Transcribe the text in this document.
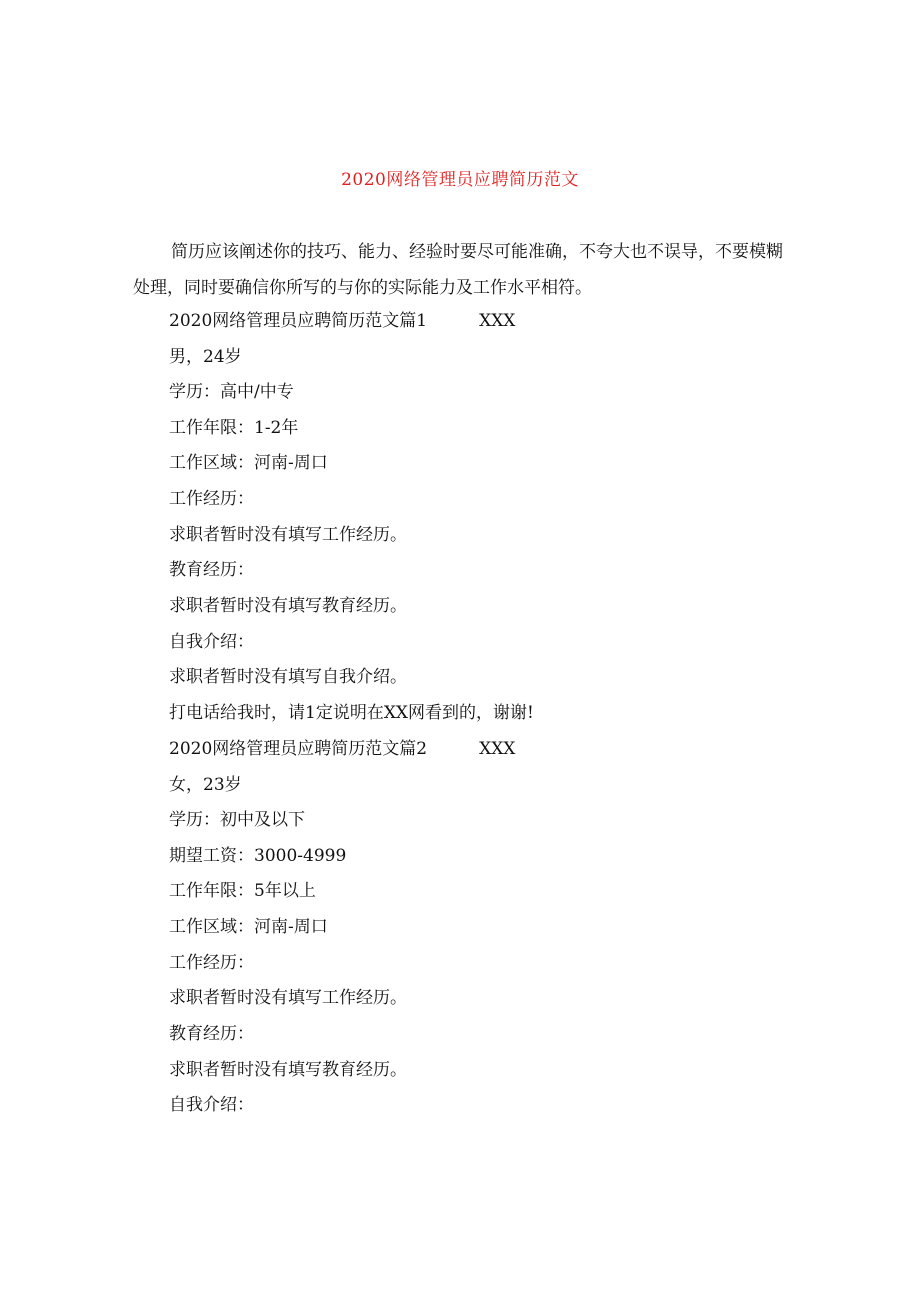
2020网络管理员应聘简历范文

简历应该阐述你的技巧、能力、经验时要尽可能准确，不夸大也不误导，不要模糊处理，同时要确信你所写的与你的实际能力及工作水平相符。

2020网络管理员应聘简历范文篇1	XXX

男，24岁

学历：高中/中专

工作年限：1-2年

工作区域：河南-周口

工作经历：

求职者暂时没有填写工作经历。

教育经历：

求职者暂时没有填写教育经历。

自我介绍：

求职者暂时没有填写自我介绍。

打电话给我时，请1定说明在XX网看到的，谢谢!

2020网络管理员应聘简历范文篇2	XXX

女，23岁

学历：初中及以下

期望工资：3000-4999

工作年限：5年以上

工作区域：河南-周口

工作经历：

求职者暂时没有填写工作经历。

教育经历：

求职者暂时没有填写教育经历。

自我介绍：
